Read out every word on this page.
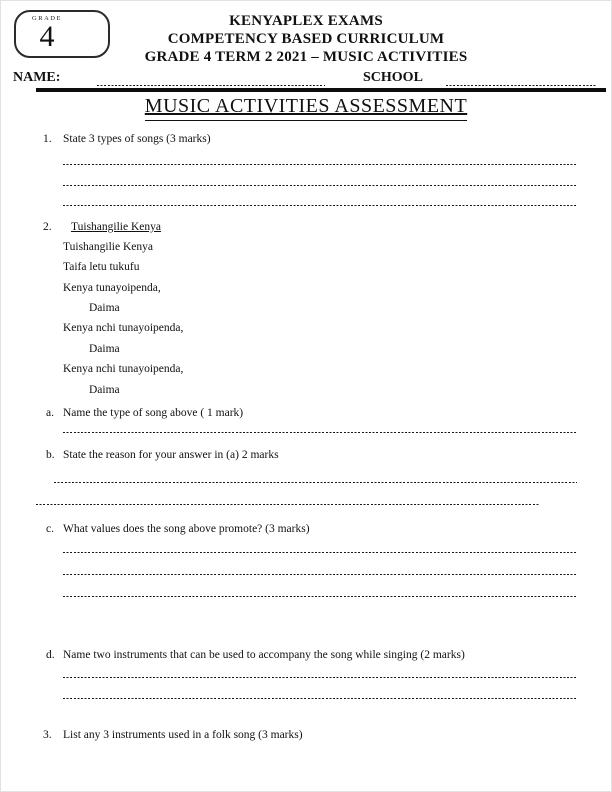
GRADE
4	KENYAPLEX EXAMS
COMPETENCY BASED CURRICULUM
GRADE 4 TERM 2 2021 – MUSIC ACTIVITIES
NAME:	SCHOOL
MUSIC ACTIVITIES ASSESSMENT
1. State 3 types of songs (3 marks)
2. Tuishangilie Kenya
Tuishangilie Kenya
Taifa letu tukufu
Kenya tunayoipenda,
Daima
Kenya nchi tunayoipenda,
Daima
Kenya nchi tunayoipenda,
Daima
a. Name the type of song above ( 1 mark)
b. State the reason for your answer in (a) 2 marks
c. What values does the song above promote? (3 marks)
d. Name two instruments that can be used to accompany the song while singing (2 marks)
3. List any 3 instruments used in a folk song (3 marks)
